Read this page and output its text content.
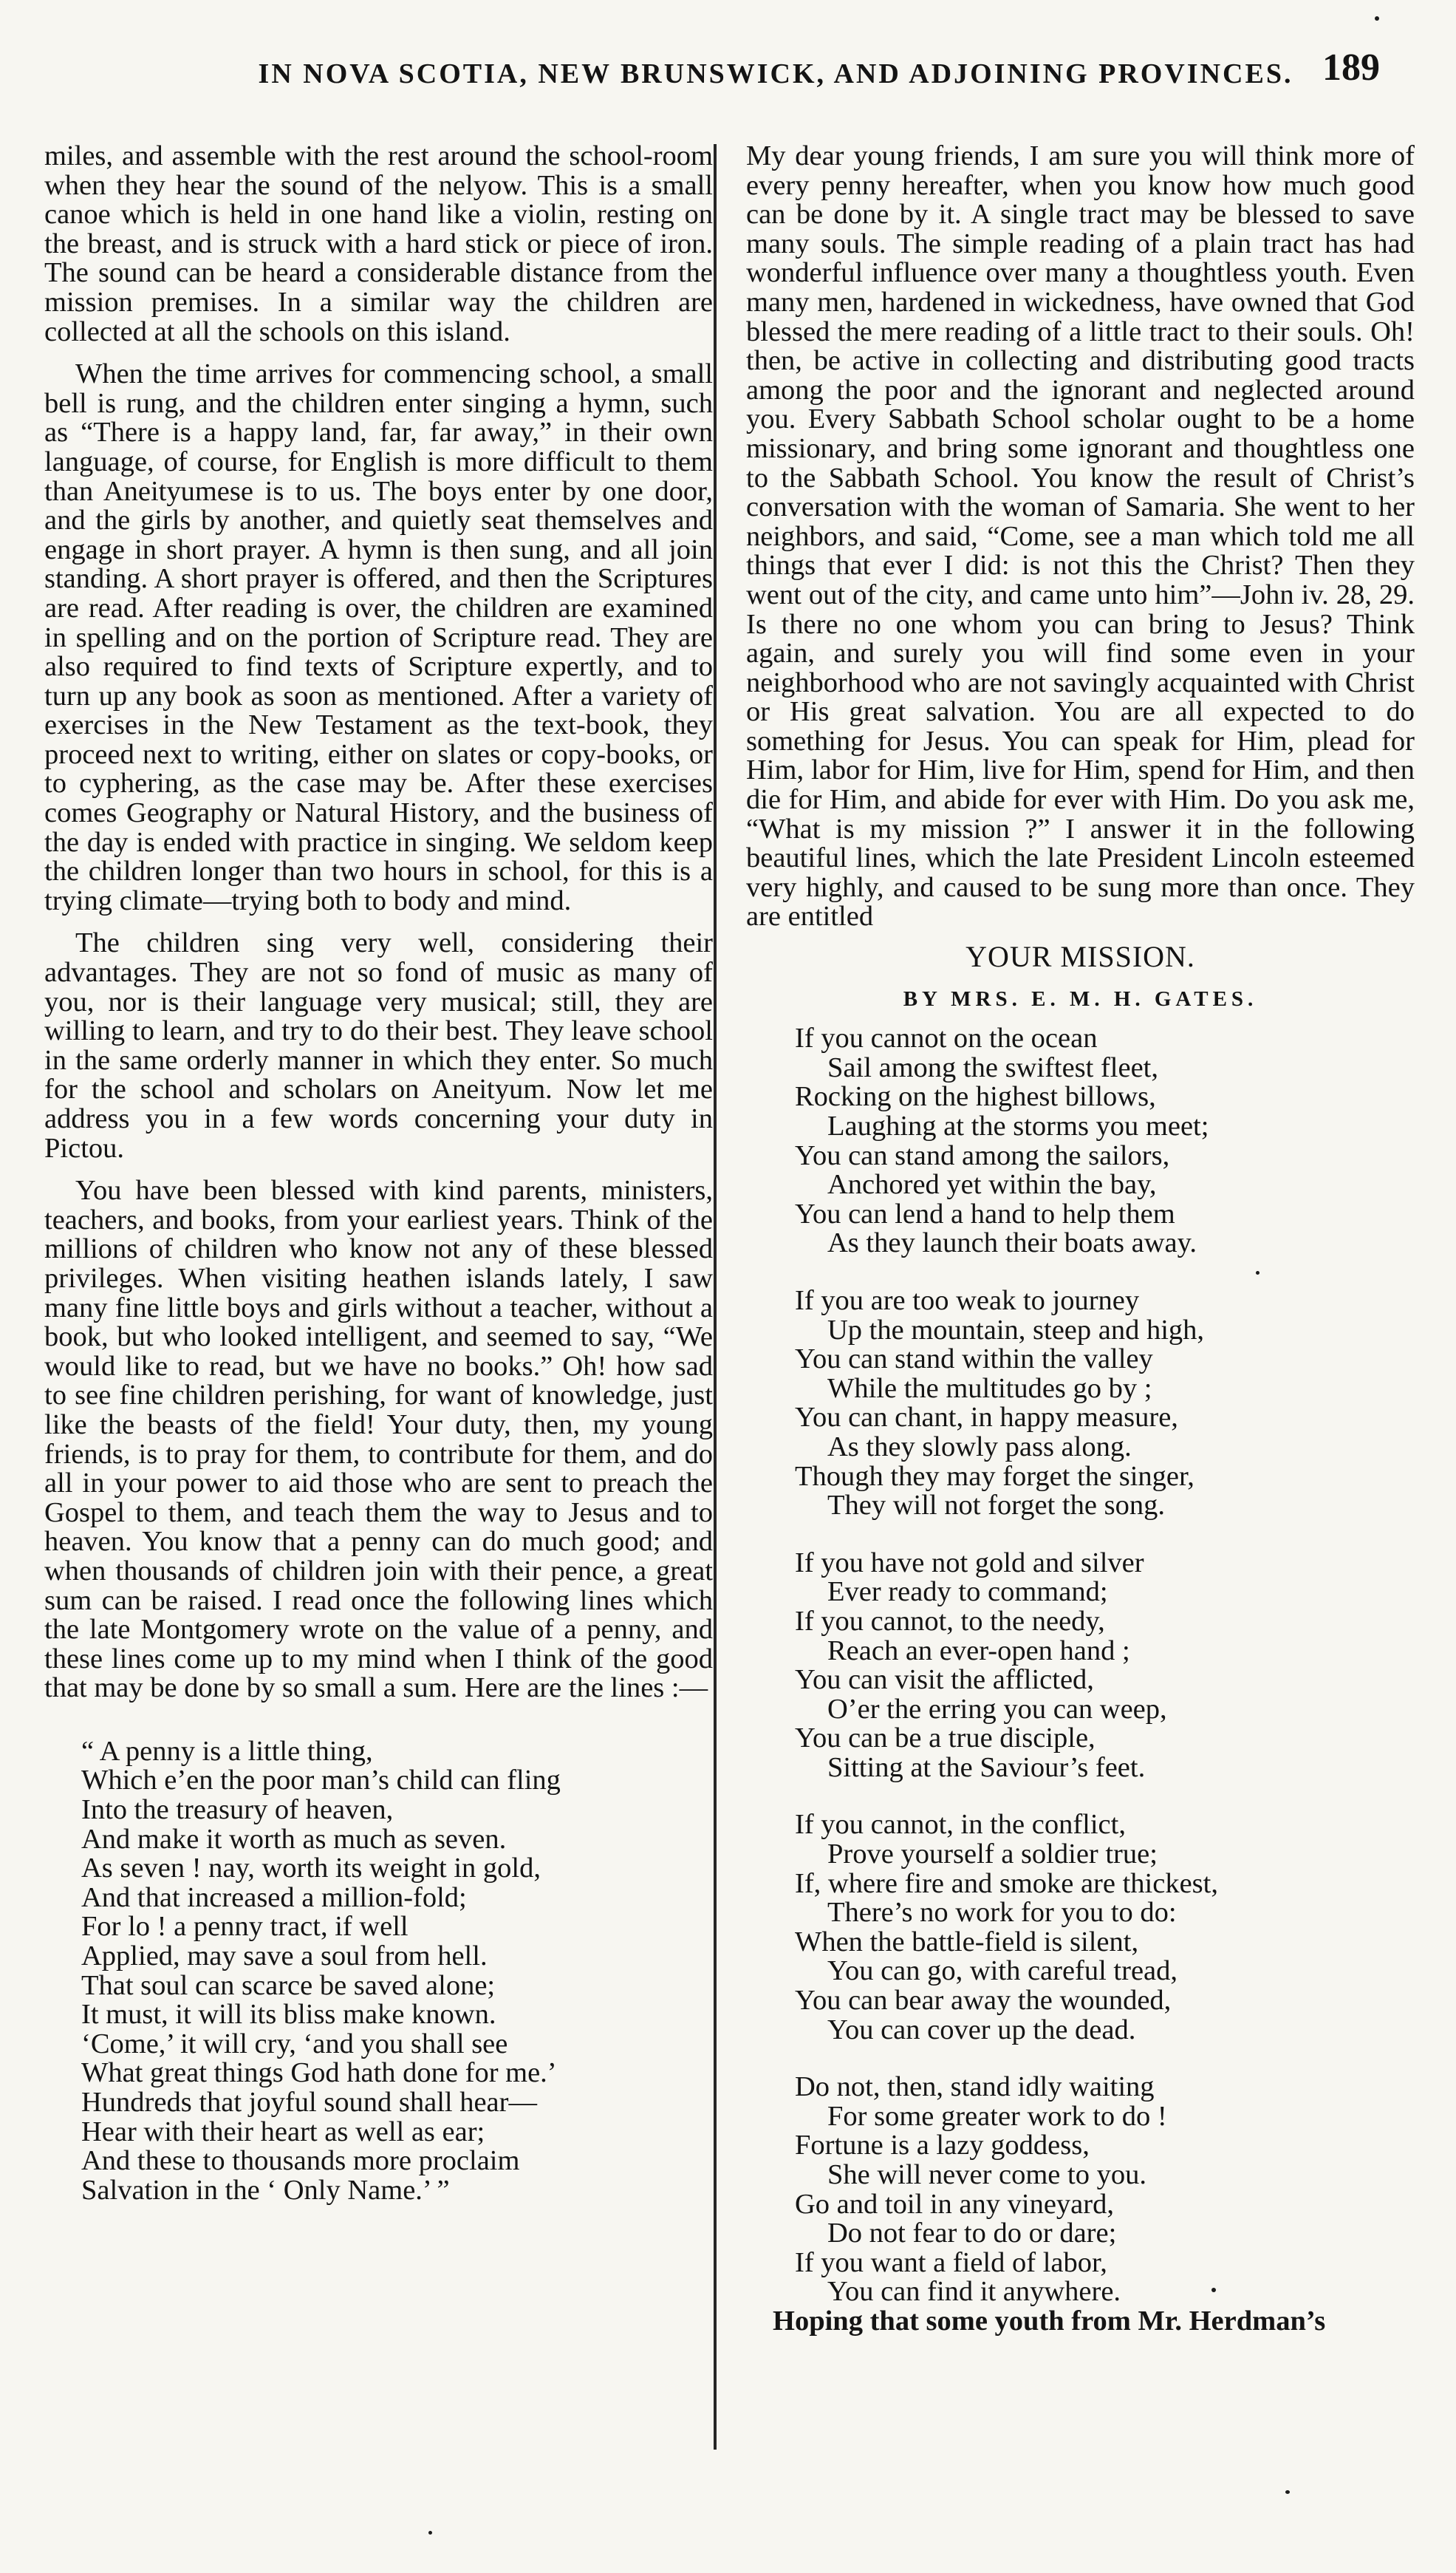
IN NOVA SCOTIA, NEW BRUNSWICK, AND ADJOINING PROVINCES. 189

miles, and assemble with the rest around the school-room when they hear the sound of the nelyow. This is a small canoe which is held in one hand like a violin, resting on the breast, and is struck with a hard stick or piece of iron. The sound can be heard a considerable distance from the mission premises. In a similar way the children are collected at all the schools on this island.

When the time arrives for commencing school, a small bell is rung, and the children enter singing a hymn, such as “There is a happy land, far, far away,” in their own language, of course, for English is more difficult to them than Aneityumese is to us. The boys enter by one door, and the girls by another, and quietly seat themselves and engage in short prayer. A hymn is then sung, and all join standing. A short prayer is offered, and then the Scriptures are read. After reading is over, the children are examined in spelling and on the portion of Scripture read. They are also required to find texts of Scripture expertly, and to turn up any book as soon as mentioned. After a variety of exercises in the New Testament as the text-book, they proceed next to writing, either on slates or copy-books, or to cyphering, as the case may be. After these exercises comes Geography or Natural History, and the business of the day is ended with practice in singing. We seldom keep the children longer than two hours in school, for this is a trying climate—trying both to body and mind.

The children sing very well, considering their advantages. They are not so fond of music as many of you, nor is their language very musical; still, they are willing to learn, and try to do their best. They leave school in the same orderly manner in which they enter. So much for the school and scholars on Aneityum. Now let me address you in a few words concerning your duty in Pictou.

You have been blessed with kind parents, ministers, teachers, and books, from your earliest years. Think of the millions of children who know not any of these blessed privileges. When visiting heathen islands lately, I saw many fine little boys and girls without a teacher, without a book, but who looked intelligent, and seemed to say, “We would like to read, but we have no books.” Oh! how sad to see fine children perishing, for want of knowledge, just like the beasts of the field! Your duty, then, my young friends, is to pray for them, to contribute for them, and do all in your power to aid those who are sent to preach the Gospel to them, and teach them the way to Jesus and to heaven. You know that a penny can do much good; and when thousands of children join with their pence, a great sum can be raised. I read once the following lines which the late Montgomery wrote on the value of a penny, and these lines come up to my mind when I think of the good that may be done by so small a sum. Here are the lines :—

“ A penny is a little thing,
Which e’en the poor man’s child can fling
Into the treasury of heaven,
And make it worth as much as seven.
As seven ! nay, worth its weight in gold,
And that increased a million-fold;
For lo ! a penny tract, if well
Applied, may save a soul from hell.
That soul can scarce be saved alone;
It must, it will its bliss make known.
‘Come,’ it will cry, ‘and you shall see
What great things God hath done for me.’
Hundreds that joyful sound shall hear—
Hear with their heart as well as ear;
And these to thousands more proclaim
Salvation in the ‘ Only Name.’ ”

My dear young friends, I am sure you will think more of every penny hereafter, when you know how much good can be done by it. A single tract may be blessed to save many souls. The simple reading of a plain tract has had wonderful influence over many a thoughtless youth. Even many men, hardened in wickedness, have owned that God blessed the mere reading of a little tract to their souls. Oh! then, be active in collecting and distributing good tracts among the poor and the ignorant and neglected around you. Every Sabbath School scholar ought to be a home missionary, and bring some ignorant and thoughtless one to the Sabbath School. You know the result of Christ’s conversation with the woman of Samaria. She went to her neighbors, and said, “Come, see a man which told me all things that ever I did: is not this the Christ? Then they went out of the city, and came unto him”—John iv. 28, 29. Is there no one whom you can bring to Jesus? Think again, and surely you will find some even in your neighborhood who are not savingly acquainted with Christ or His great salvation. You are all expected to do something for Jesus. You can speak for Him, plead for Him, labor for Him, live for Him, spend for Him, and then die for Him, and abide for ever with Him. Do you ask me, “What is my mission ?” I answer it in the following beautiful lines, which the late President Lincoln esteemed very highly, and caused to be sung more than once. They are entitled

YOUR MISSION.
BY MRS. E. M. H. GATES.
If you cannot on the ocean
Sail among the swiftest fleet,
Rocking on the highest billows,
Laughing at the storms you meet;
You can stand among the sailors,
Anchored yet within the bay,
You can lend a hand to help them
As they launch their boats away.
If you are too weak to journey
Up the mountain, steep and high,
You can stand within the valley
While the multitudes go by ;
You can chant, in happy measure,
As they slowly pass along.
Though they may forget the singer,
They will not forget the song.
If you have not gold and silver
Ever ready to command;
If you cannot, to the needy,
Reach an ever-open hand ;
You can visit the afflicted,
O’er the erring you can weep,
You can be a true disciple,
Sitting at the Saviour’s feet.
If you cannot, in the conflict,
Prove yourself a soldier true;
If, where fire and smoke are thickest,
There’s no work for you to do:
When the battle-field is silent,
You can go, with careful tread,
You can bear away the wounded,
You can cover up the dead.
Do not, then, stand idly waiting
For some greater work to do !
Fortune is a lazy goddess,
She will never come to you.
Go and toil in any vineyard,
Do not fear to do or dare;
If you want a field of labor,
You can find it anywhere.

Hoping that some youth from Mr. Herdman’s
